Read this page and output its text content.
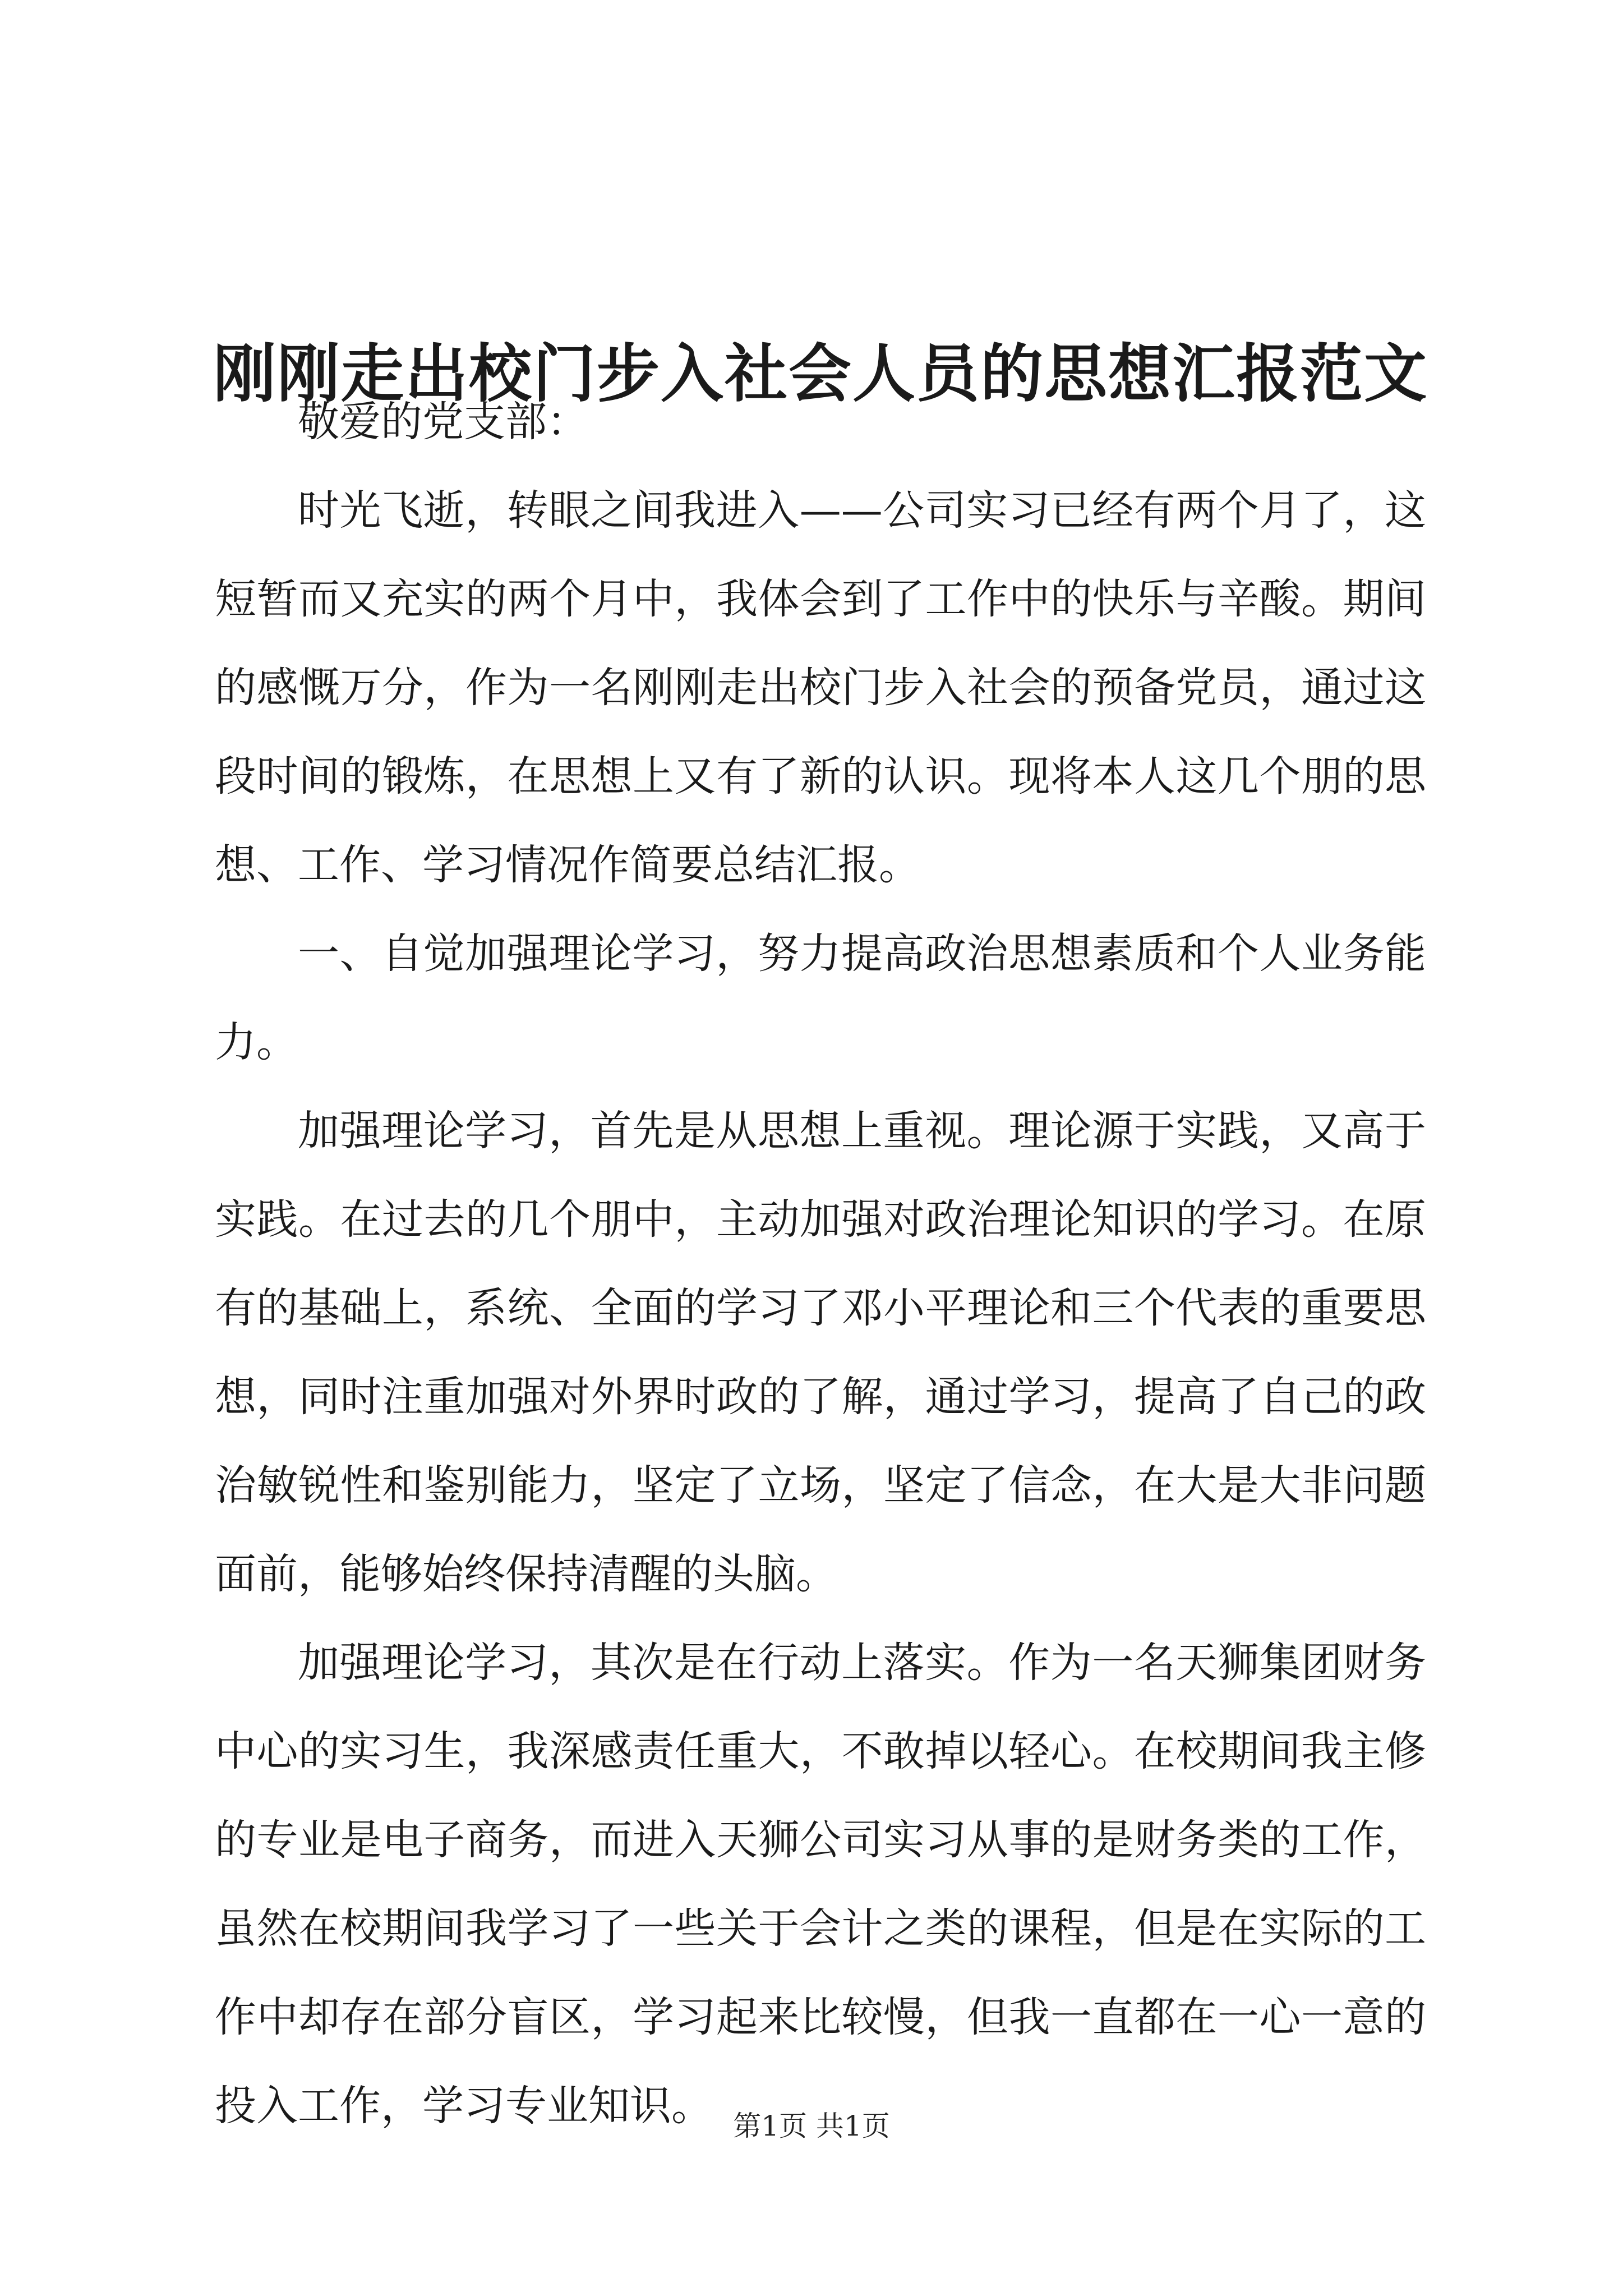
刚刚走出校门步入社会人员的思想汇报范文

敬爱的党支部：

时光飞逝，转眼之间我进入——公司实习已经有两个月了，这短暂而又充实的两个月中，我体会到了工作中的快乐与辛酸。期间的感慨万分，作为一名刚刚走出校门步入社会的预备党员，通过这段时间的锻炼，在思想上又有了新的认识。现将本人这几个朋的思想、工作、学习情况作简要总结汇报。

一、自觉加强理论学习，努力提高政治思想素质和个人业务能力。

加强理论学习，首先是从思想上重视。理论源于实践，又高于实践。在过去的几个朋中，主动加强对政治理论知识的学习。在原有的基础上，系统、全面的学习了邓小平理论和三个代表的重要思想，同时注重加强对外界时政的了解，通过学习，提高了自己的政治敏锐性和鉴别能力，坚定了立场，坚定了信念，在大是大非问题面前，能够始终保持清醒的头脑。

加强理论学习，其次是在行动上落实。作为一名天狮集团财务中心的实习生，我深感责任重大，不敢掉以轻心。在校期间我主修的专业是电子商务，而进入天狮公司实习从事的是财务类的工作，虽然在校期间我学习了一些关于会计之类的课程，但是在实际的工作中却存在部分盲区，学习起来比较慢，但我一直都在一心一意的投入工作，学习专业知识。 第1页 共1页
